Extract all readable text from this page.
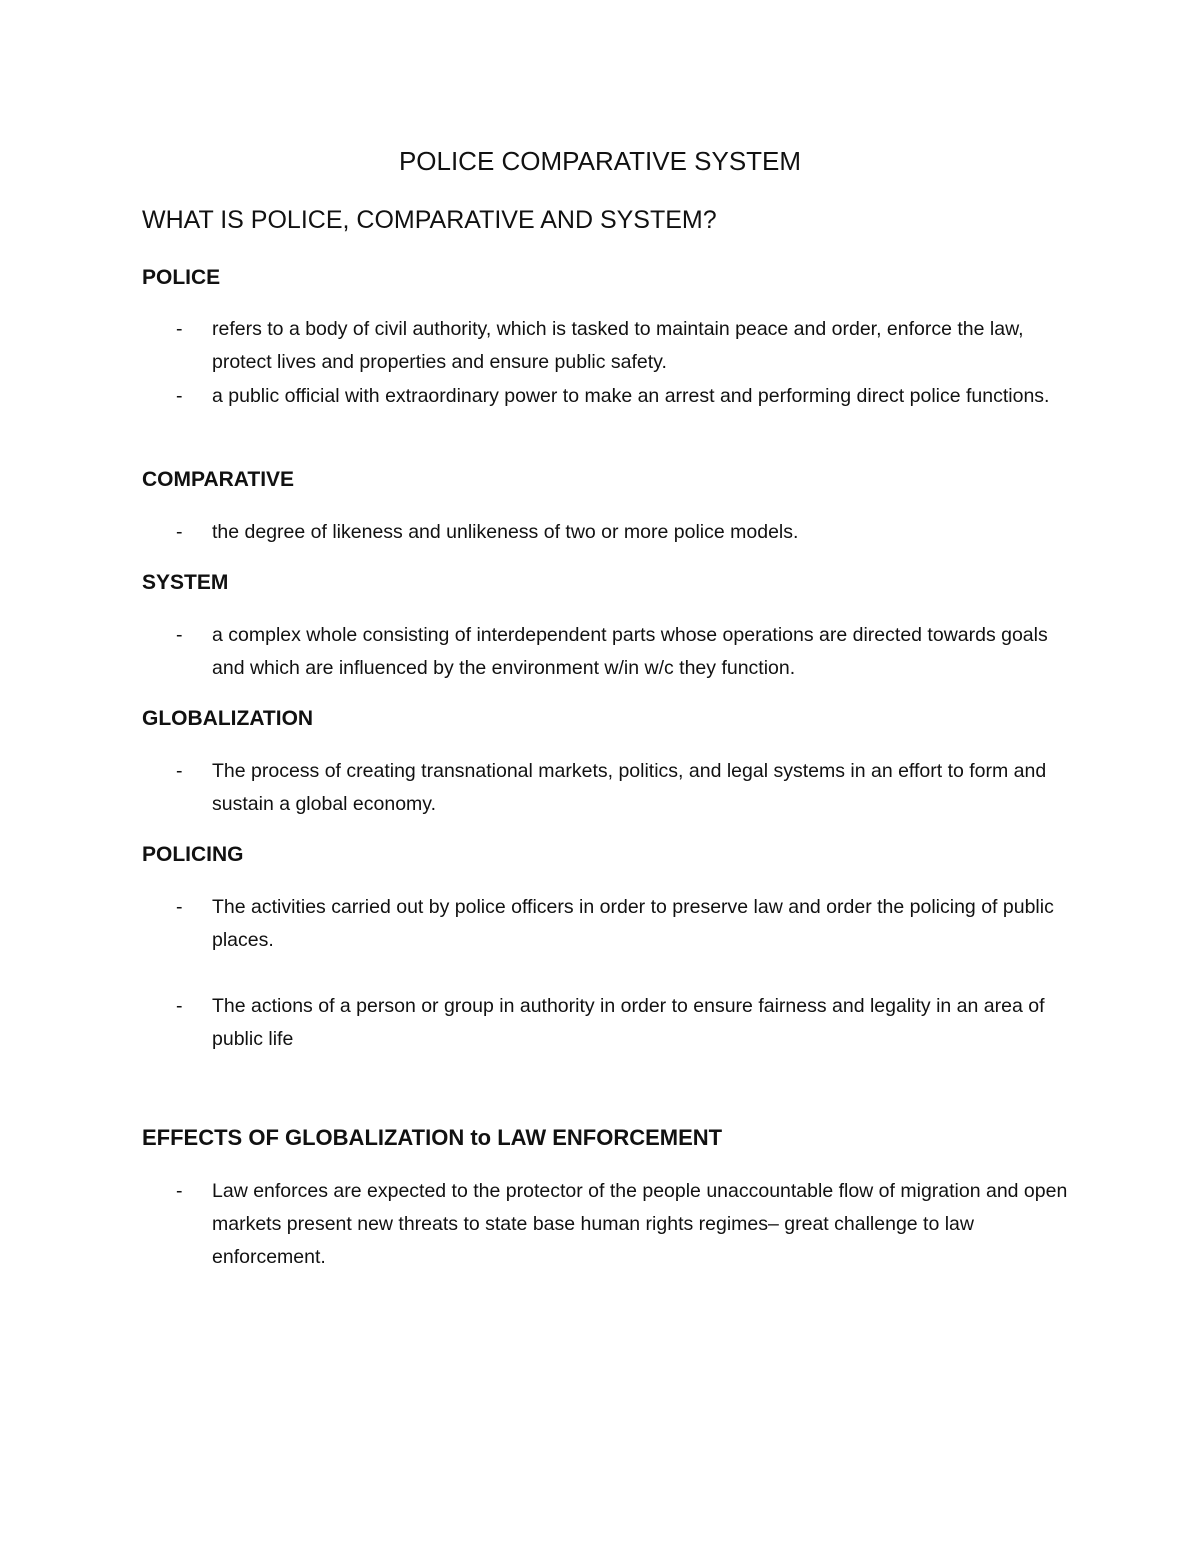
POLICE COMPARATIVE SYSTEM
WHAT IS POLICE, COMPARATIVE AND SYSTEM?
POLICE

- refers to a body of civil authority, which is tasked to maintain peace and order, enforce the law, protect lives and properties and ensure public safety.

- a public official with extraordinary power to make an arrest and performing direct police functions.

COMPARATIVE

- the degree of likeness and unlikeness of two or more police models.

SYSTEM

- a complex whole consisting of interdependent parts whose operations are directed towards goals and which are influenced by the environment w/in w/c they function.

GLOBALIZATION

- The process of creating transnational markets, politics, and legal systems in an effort to form and sustain a global economy.

POLICING

- The activities carried out by police officers in order to preserve law and order the policing of public places.

- The actions of a person or group in authority in order to ensure fairness and legality in an area of public life

EFFECTS OF GLOBALIZATION to LAW ENFORCEMENT

- Law enforces are expected to the protector of the people unaccountable flow of migration and open markets present new threats to state base human rights regimes– great challenge to law enforcement.
